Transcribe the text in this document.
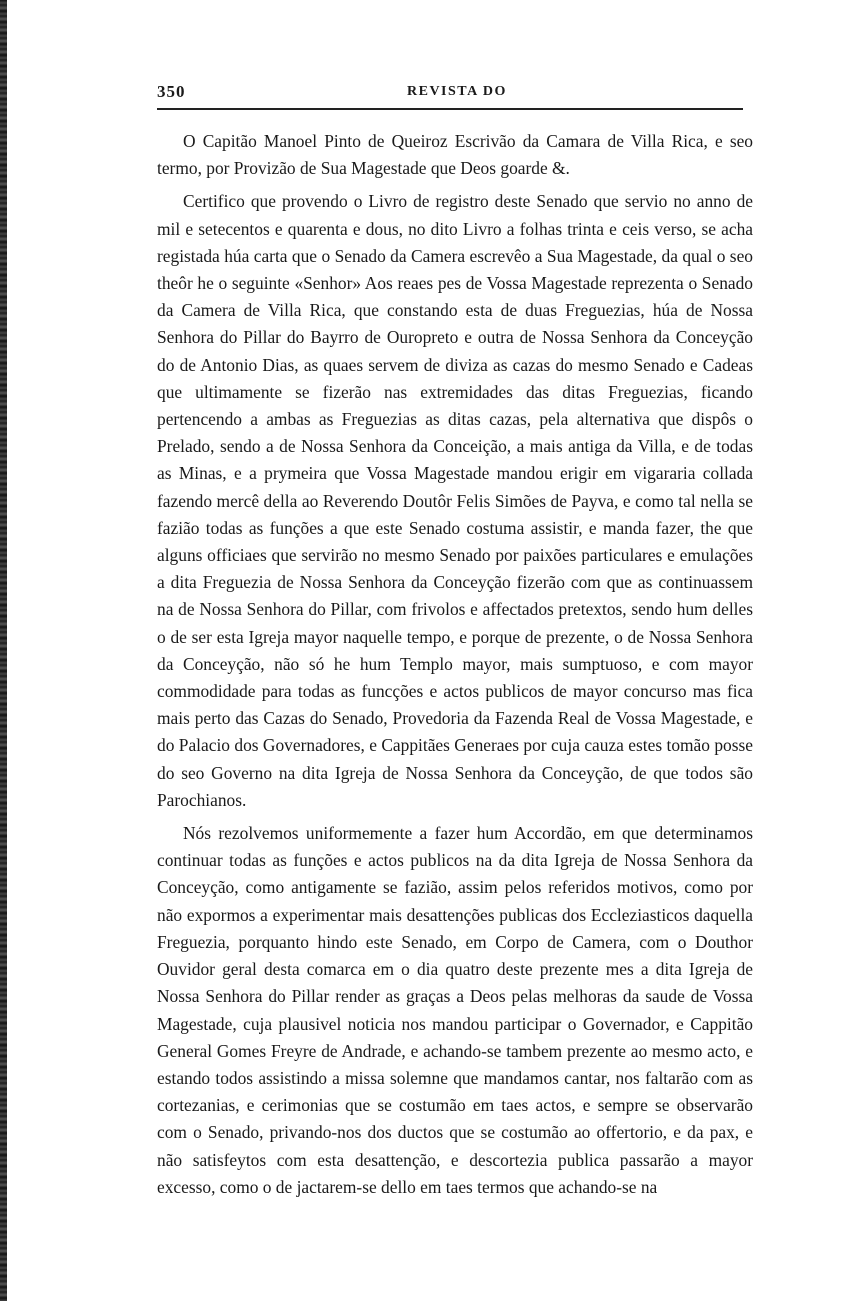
350	REVISTA DO

O Capitão Manoel Pinto de Queiroz Escrivão da Camara de Villa Rica, e seo termo, por Provizão de Sua Magestade que Deos goarde &.

Certifico que provendo o Livro de registro deste Senado que servio no anno de mil e setecentos e quarenta e dous, no dito Livro a folhas trinta e ceis verso, se acha registada húa carta que o Senado da Camera escrevêo a Sua Magestade, da qual o seo theôr he o seguinte «Senhor» Aos reaes pes de Vossa Magestade reprezenta o Senado da Camera de Villa Rica, que constando esta de duas Freguezias, húa de Nossa Senhora do Pillar do Bayrro de Ouropreto e outra de Nossa Senhora da Conceyção do de Antonio Dias, as quaes servem de diviza as cazas do mesmo Senado e Cadeas que ultimamente se fizerão nas extremidades das ditas Freguezias, ficando pertencendo a ambas as Freguezias as ditas cazas, pela alternativa que dispôs o Prelado, sendo a de Nossa Senhora da Conceição, a mais antiga da Villa, e de todas as Minas, e a prymeira que Vossa Magestade mandou erigir em vigararia collada fazendo mercê della ao Reverendo Doutôr Felis Simões de Payva, e como tal nella se fazião todas as funções a que este Senado costuma assistir, e manda fazer, the que alguns officiaes que servirão no mesmo Senado por paixões particulares e emulações a dita Freguezia de Nossa Senhora da Conceyção fizerão com que as continuassem na de Nossa Senhora do Pillar, com frivolos e affectados pretextos, sendo hum delles o de ser esta Igreja mayor naquelle tempo, e porque de prezente, o de Nossa Senhora da Conceyção, não só he hum Templo mayor, mais sumptuoso, e com mayor commodidade para todas as funcções e actos publicos de mayor concurso mas fica mais perto das Cazas do Senado, Provedoria da Fazenda Real de Vossa Magestade, e do Palacio dos Governadores, e Cappitães Generaes por cuja cauza estes tomão posse do seo Governo na dita Igreja de Nossa Senhora da Conceyção, de que todos são Parochianos.

Nós rezolvemos uniformemente a fazer hum Accordão, em que determinamos continuar todas as funções e actos publicos na da dita Igreja de Nossa Senhora da Conceyção, como antigamente se fazião, assim pelos referidos motivos, como por não expormos a experimentar mais desattenções publicas dos Eccleziasticos daquella Freguezia, porquanto hindo este Senado, em Corpo de Camera, com o Douthor Ouvidor geral desta comarca em o dia quatro deste prezente mes a dita Igreja de Nossa Senhora do Pillar render as graças a Deos pelas melhoras da saude de Vossa Magestade, cuja plausivel noticia nos mandou participar o Governador, e Cappitão General Gomes Freyre de Andrade, e achando-se tambem prezente ao mesmo acto, e estando todos assistindo a missa solemne que mandamos cantar, nos faltarão com as cortezanias, e cerimonias que se costumão em taes actos, e sempre se observarão com o Senado, privando-nos dos ductos que se costumão ao offertorio, e da pax, e não satisfeytos com esta desattenção, e descortezia publica passarão a mayor excesso, como o de jactarem-se dello em taes termos que achando-se na
